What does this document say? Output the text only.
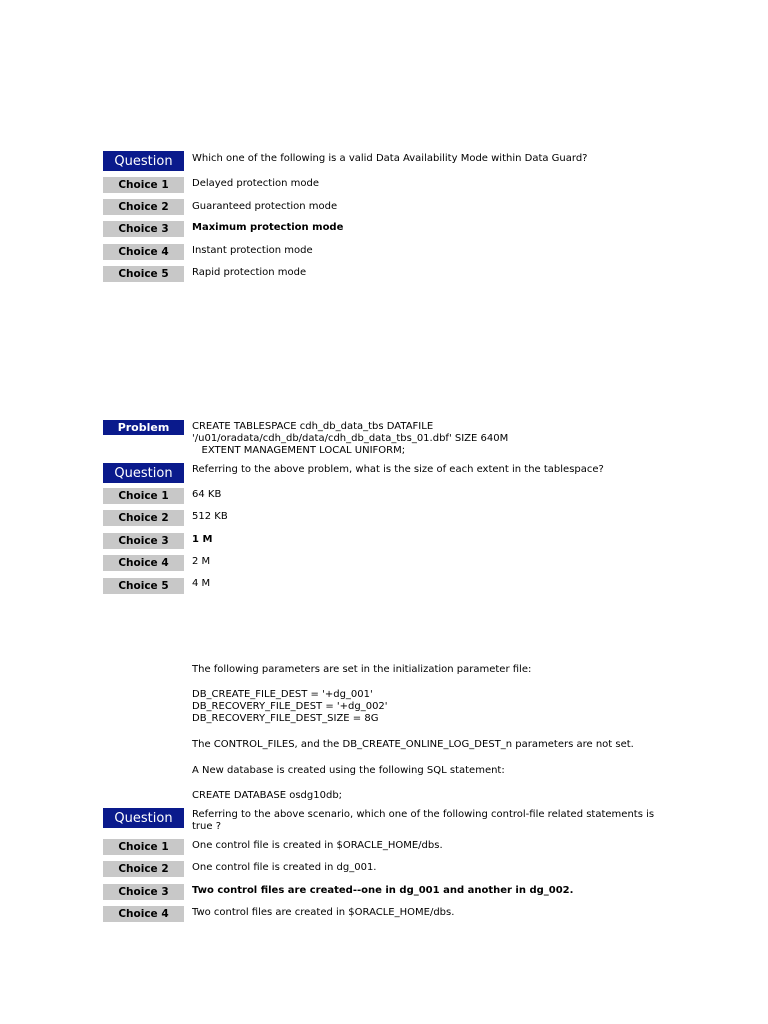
Question	Which one of the following is a valid Data Availability Mode within Data Guard?
Choice 1	Delayed protection mode
Choice 2	Guaranteed protection mode
Choice 3	Maximum protection mode
Choice 4	Instant protection mode
Choice 5	Rapid protection mode
Problem	CREATE TABLESPACE cdh_db_data_tbs DATAFILE
'/u01/oradata/cdh_db/data/cdh_db_data_tbs_01.dbf' SIZE 640M
EXTENT MANAGEMENT LOCAL UNIFORM;
Question	Referring to the above problem, what is the size of each extent in the tablespace?
Choice 1	64 KB
Choice 2	512 KB
Choice 3	1 M
Choice 4	2 M
Choice 5	4 M
The following parameters are set in the initialization parameter file:
DB_CREATE_FILE_DEST = '+dg_001'
DB_RECOVERY_FILE_DEST = '+dg_002'
DB_RECOVERY_FILE_DEST_SIZE = 8G
The CONTROL_FILES, and the DB_CREATE_ONLINE_LOG_DEST_n parameters are not set.
A New database is created using the following SQL statement:
CREATE DATABASE osdg10db;
Question	Referring to the above scenario, which one of the following control-file related statements is true ?
Choice 1	One control file is created in $ORACLE_HOME/dbs.
Choice 2	One control file is created in dg_001.
Choice 3	Two control files are created--one in dg_001 and another in dg_002.
Choice 4	Two control files are created in $ORACLE_HOME/dbs.
